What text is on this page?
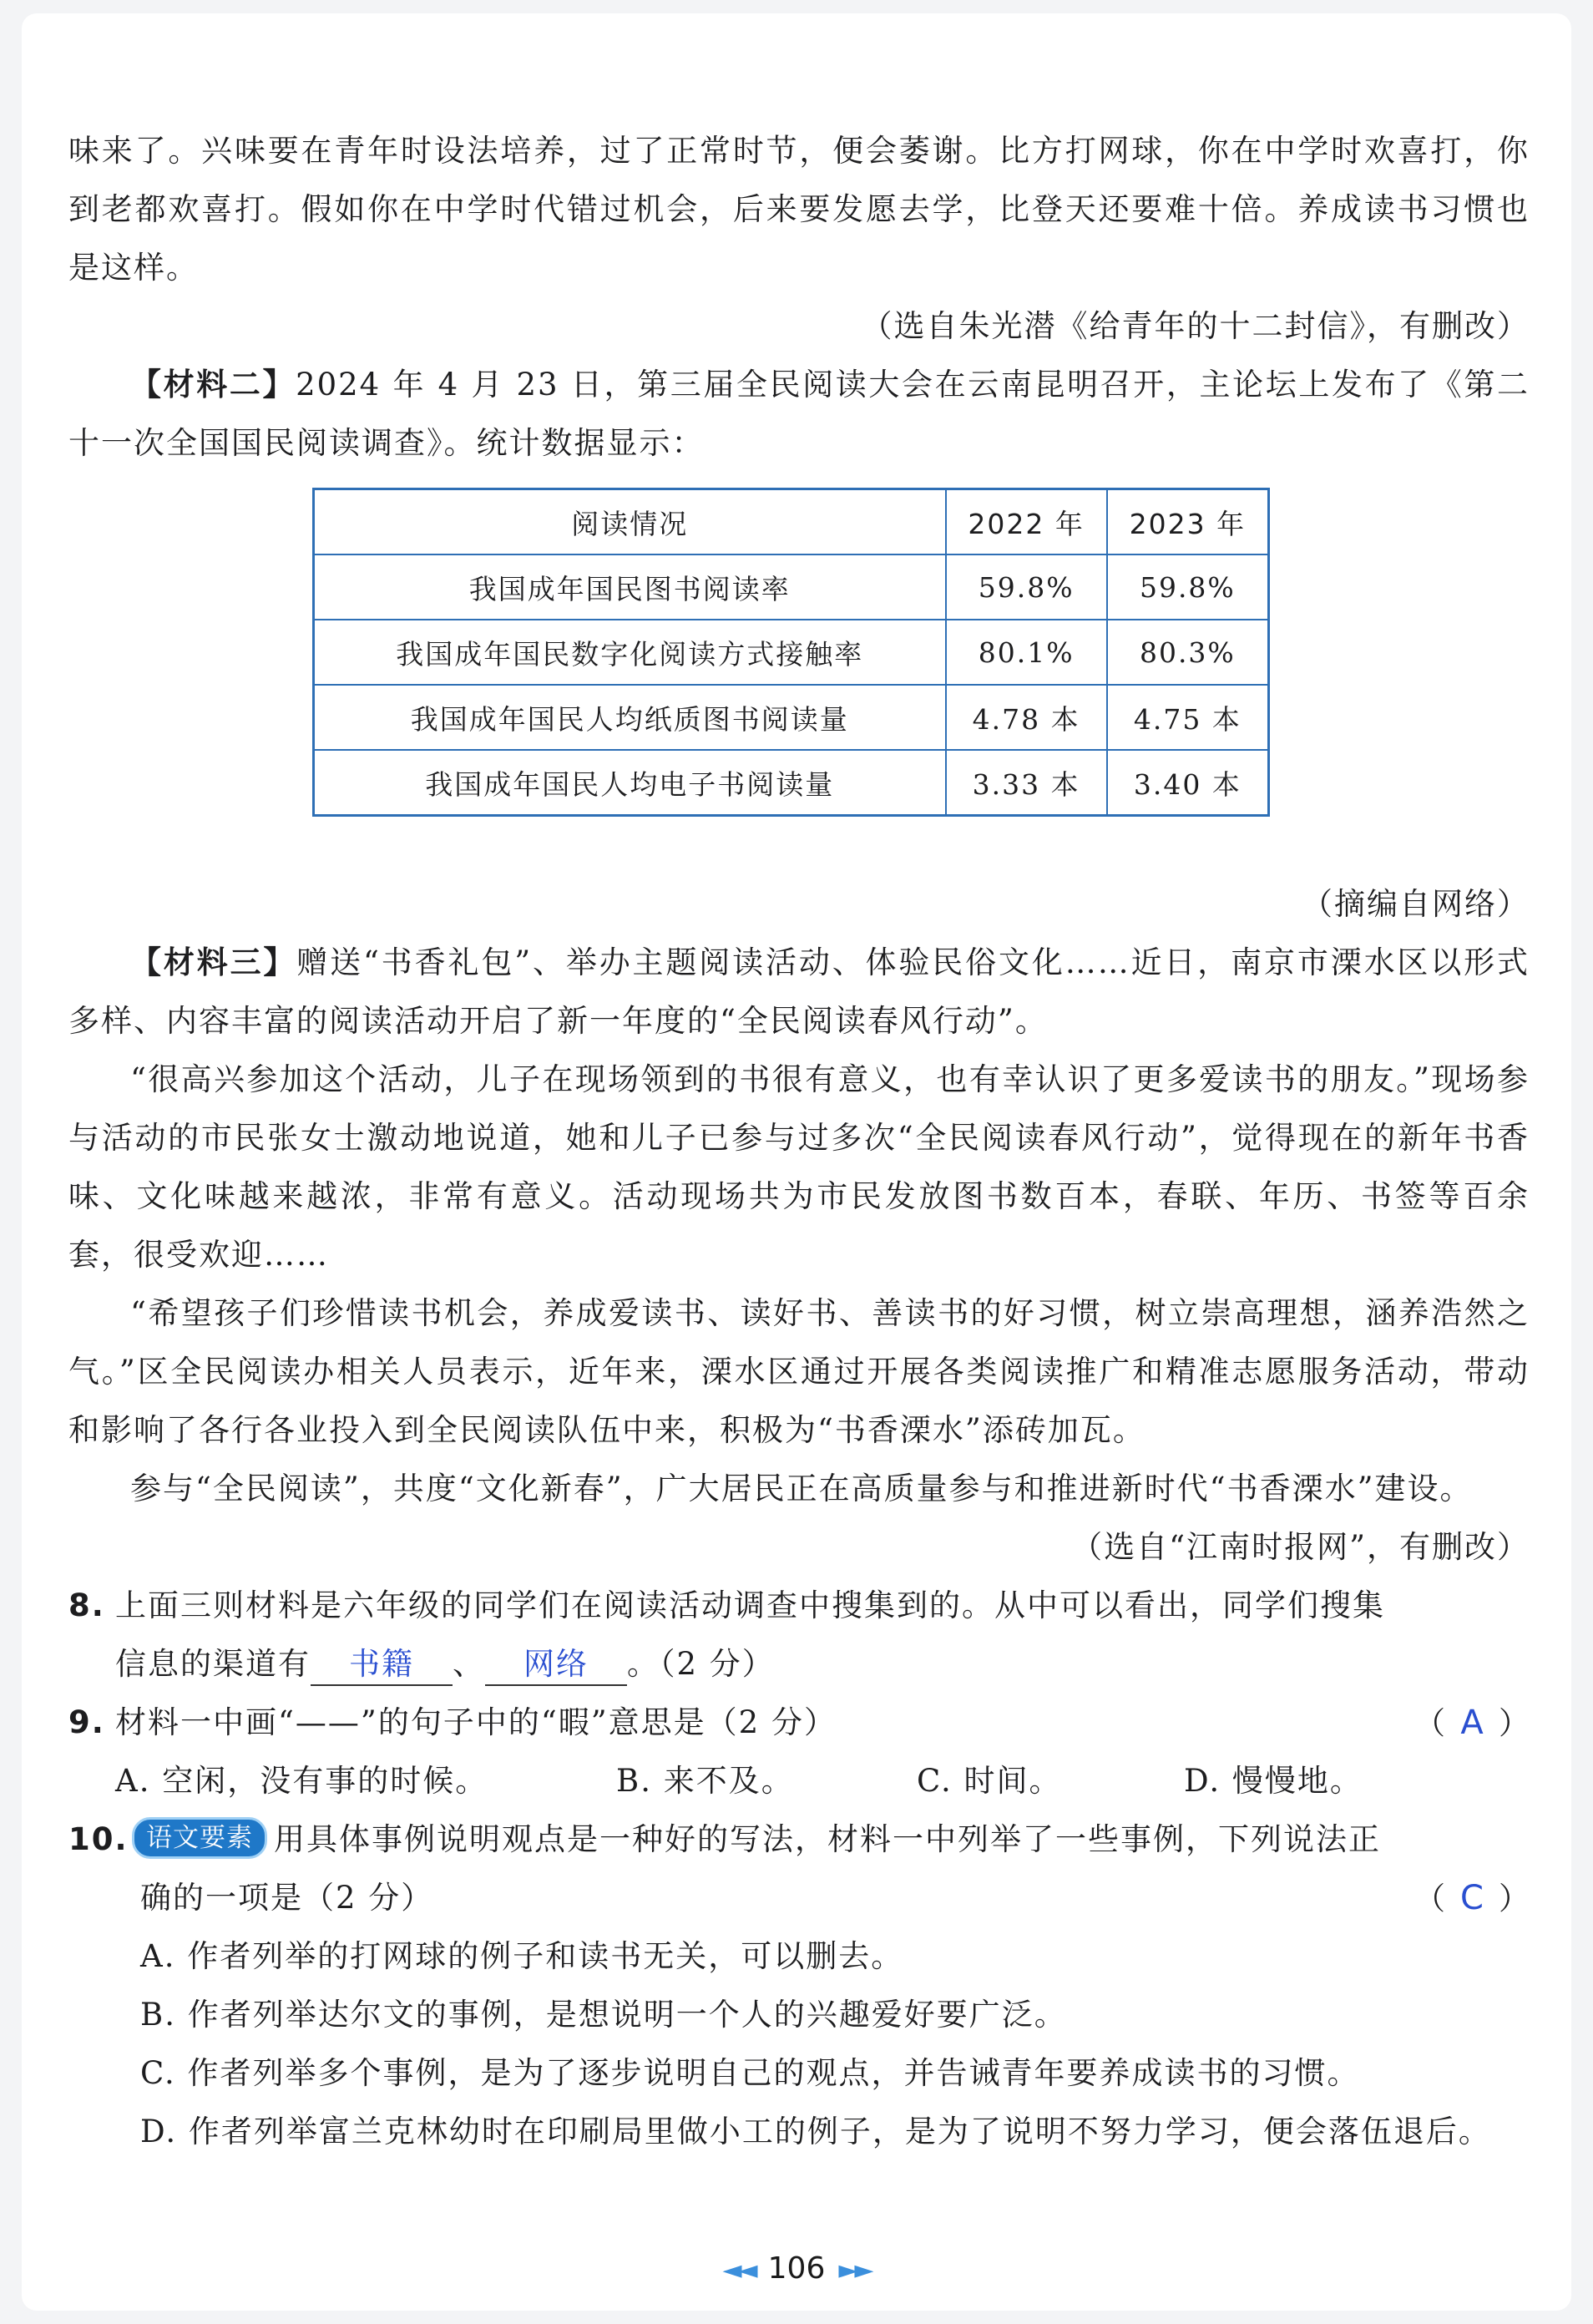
味来了。兴味要在青年时设法培养，过了正常时节，便会萎谢。比方打网球，你在中学时欢喜打，你到老都欢喜打。假如你在中学时代错过机会，后来要发愿去学，比登天还要难十倍。养成读书习惯也是这样。

（选自朱光潜《给青年的十二封信》，有删改）

【材料二】2024 年 4 月 23 日，第三届全民阅读大会在云南昆明召开，主论坛上发布了《第二十一次全国国民阅读调查》。统计数据显示：

阅读情况	2022 年	2023 年
我国成年国民图书阅读率	59.8%	59.8%
我国成年国民数字化阅读方式接触率	80.1%	80.3%
我国成年国民人均纸质图书阅读量	4.78 本	4.75 本
我国成年国民人均电子书阅读量	3.33 本	3.40 本

（摘编自网络）

【材料三】赠送“书香礼包”、举办主题阅读活动、体验民俗文化……近日，南京市溧水区以形式多样、内容丰富的阅读活动开启了新一年度的“全民阅读春风行动”。

“很高兴参加这个活动，儿子在现场领到的书很有意义，也有幸认识了更多爱读书的朋友。”现场参与活动的市民张女士激动地说道，她和儿子已参与过多次“全民阅读春风行动”，觉得现在的新年书香味、文化味越来越浓，非常有意义。活动现场共为市民发放图书数百本，春联、年历、书签等百余套，很受欢迎……

“希望孩子们珍惜读书机会，养成爱读书、读好书、善读书的好习惯，树立崇高理想，涵养浩然之气。”区全民阅读办相关人员表示，近年来，溧水区通过开展各类阅读推广和精准志愿服务活动，带动和影响了各行各业投入到全民阅读队伍中来，积极为“书香溧水”添砖加瓦。

参与“全民阅读”，共度“文化新春”，广大居民正在高质量参与和推进新时代“书香溧水”建设。

（选自“江南时报网”，有删改）

8. 上面三则材料是六年级的同学们在阅读活动调查中搜集到的。从中可以看出，同学们搜集

信息的渠道有 书籍 、 网络 。（2 分）

9. 材料一中画“——”的句子中的“暇”意思是（2 分）	（ A ）

A. 空闲，没有事的时候。	B. 来不及。	C. 时间。	D. 慢慢地。

10. 语文要素 用具体事例说明观点是一种好的写法，材料一中列举了一些事例，下列说法正

确的一项是（2 分）	（ C ）

A. 作者列举的打网球的例子和读书无关，可以删去。

B. 作者列举达尔文的事例，是想说明一个人的兴趣爱好要广泛。

C. 作者列举多个事例，是为了逐步说明自己的观点，并告诫青年要养成读书的习惯。

D. 作者列举富兰克林幼时在印刷局里做小工的例子，是为了说明不努力学习，便会落伍退后。

◄◄ 106 ►►
